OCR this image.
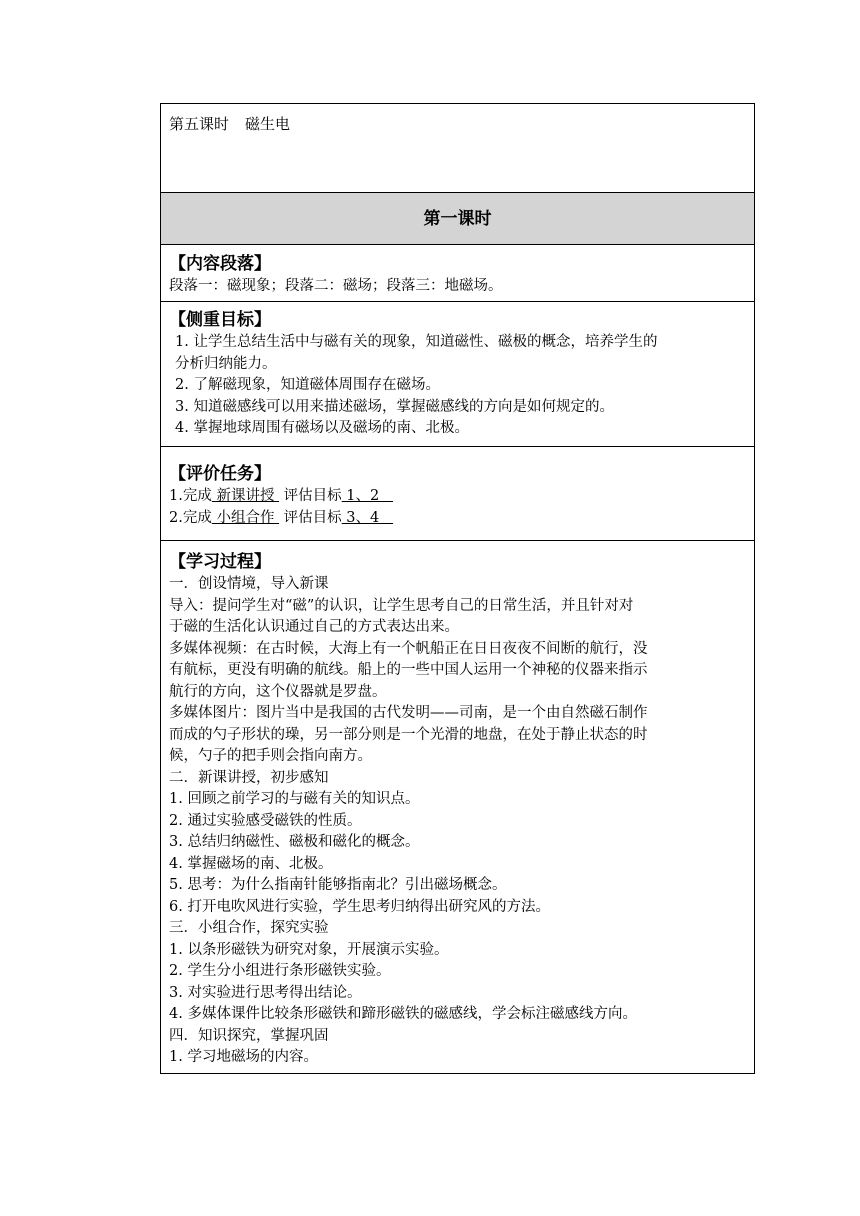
第五课时 磁生电
第一课时

【内容段落】

段落一：磁现象；段落二：磁场；段落三：地磁场。

【侧重目标】

1. 让学生总结生活中与磁有关的现象，知道磁性、磁极的概念，培养学生的

分析归纳能力。

2. 了解磁现象，知道磁体周围存在磁场。

3. 知道磁感线可以用来描述磁场，掌握磁感线的方向是如何规定的。

4. 掌握地球周围有磁场以及磁场的南、北极。

【评价任务】

1.完成 新课讲授  评估目标 1、2

2.完成 小组合作  评估目标 3、4

【学习过程】

一．创设情境，导入新课

导入：提问学生对“磁”的认识，让学生思考自己的日常生活，并且针对对

于磁的生活化认识通过自己的方式表达出来。

多媒体视频：在古时候，大海上有一个帆船正在日日夜夜不间断的航行，没

有航标，更没有明确的航线。船上的一些中国人运用一个神秘的仪器来指示

航行的方向，这个仪器就是罗盘。

多媒体图片：图片当中是我国的古代发明——司南，是一个由自然磁石制作

而成的勺子形状的璪，另一部分则是一个光滑的地盘，在处于静止状态的时

候，勺子的把手则会指向南方。

二．新课讲授，初步感知

1. 回顾之前学习的与磁有关的知识点。

2. 通过实验感受磁铁的性质。

3. 总结归纳磁性、磁极和磁化的概念。

4. 掌握磁场的南、北极。

5. 思考：为什么指南针能够指南北？引出磁场概念。

6. 打开电吹风进行实验，学生思考归纳得出研究风的方法。

三．小组合作，探究实验

1. 以条形磁铁为研究对象，开展演示实验。

2. 学生分小组进行条形磁铁实验。

3. 对实验进行思考得出结论。

4. 多媒体课件比较条形磁铁和蹄形磁铁的磁感线，学会标注磁感线方向。

四．知识探究，掌握巩固

1. 学习地磁场的内容。
